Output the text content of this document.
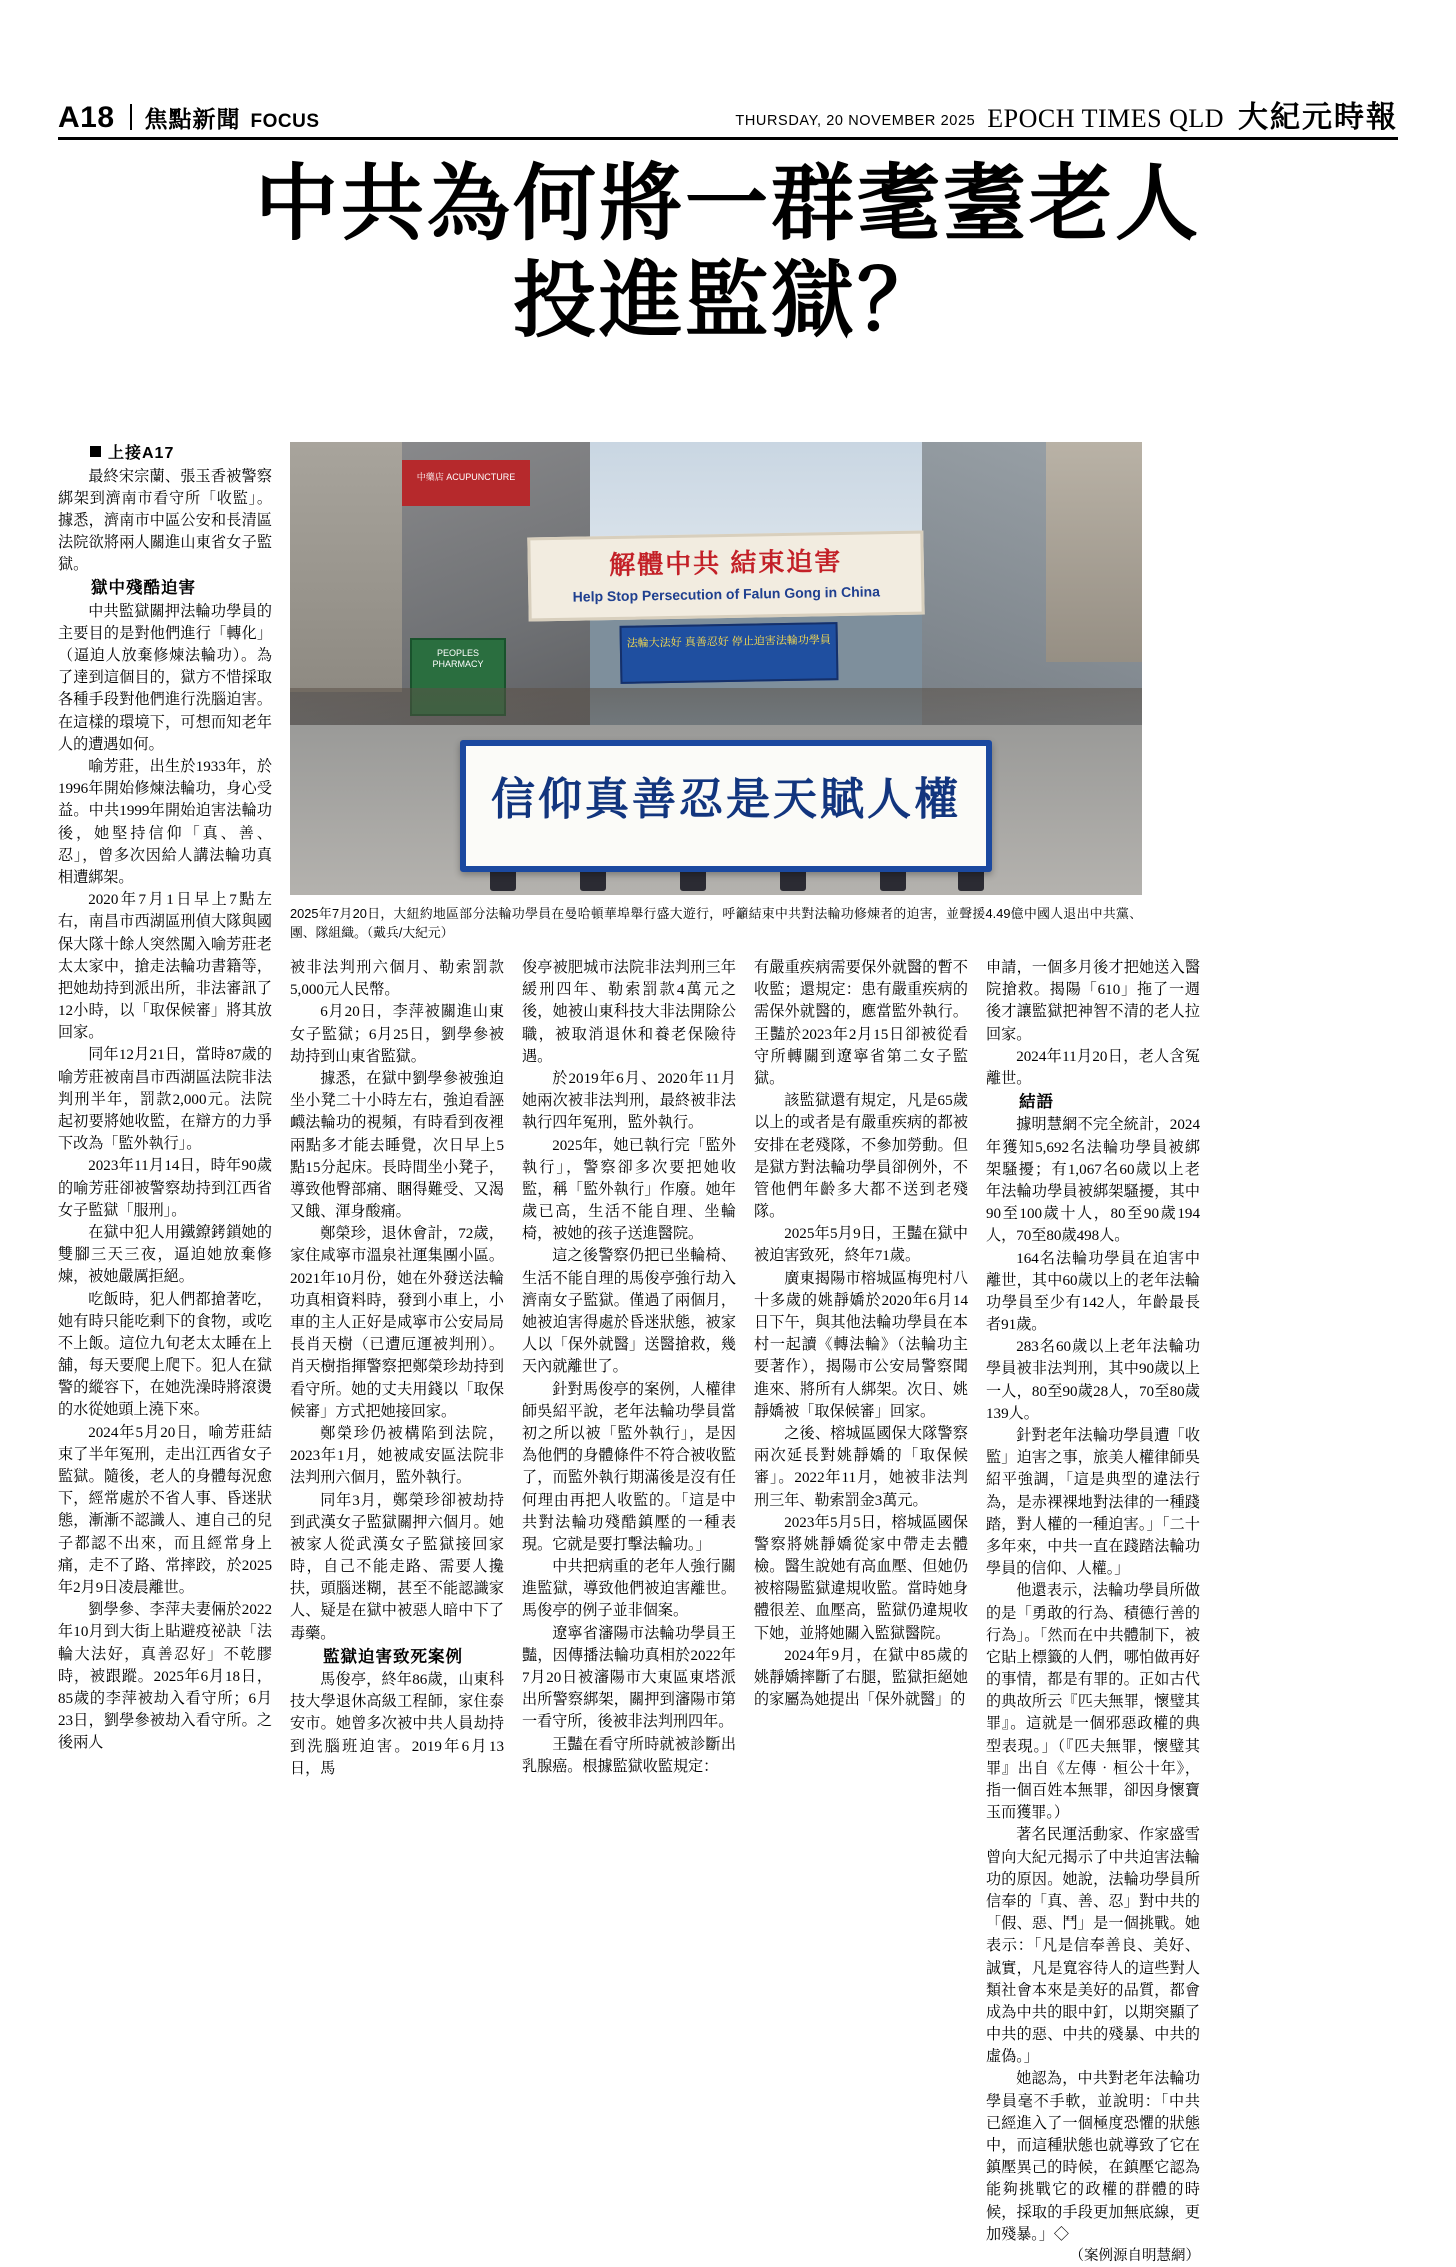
A18 焦點新聞 FOCUS	THURSDAY, 20 NOVEMBER 2025 EPOCH TIMES QLD 大紀元時報
中共為何將一群耄耋老人
投進監獄？
中藥店 ACUPUNCTURE
PEOPLES PHARMACY
解體中共 結束迫害
Help Stop Persecution of Falun Gong in China
法輪大法好 真善忍好 停止迫害法輪功學員
信仰真善忍是天賦人權
2025年7月20日，大紐約地區部分法輪功學員在曼哈頓華埠舉行盛大遊行，呼籲結束中共對法輪功修煉者的迫害，並聲援4.49億中國人退出中共黨、團、隊組織。（戴兵/大紀元）

上接A17

最終宋宗蘭、張玉香被警察綁架到濟南市看守所「收監」。據悉，濟南市中區公安和長清區法院欲將兩人關進山東省女子監獄。

獄中殘酷迫害

中共監獄關押法輪功學員的主要目的是對他們進行「轉化」（逼迫人放棄修煉法輪功）。為了達到這個目的，獄方不惜採取各種手段對他們進行洗腦迫害。在這樣的環境下，可想而知老年人的遭遇如何。

喻芳莊，出生於1933年，於1996年開始修煉法輪功，身心受益。中共1999年開始迫害法輪功後，她堅持信仰「真、善、忍」，曾多次因給人講法輪功真相遭綁架。

2020年7月1日早上7點左右，南昌市西湖區刑偵大隊與國保大隊十餘人突然闖入喻芳莊老太太家中，搶走法輪功書籍等，把她劫持到派出所，非法審訊了12小時，以「取保候審」將其放回家。

同年12月21日，當時87歲的喻芳莊被南昌市西湖區法院非法判刑半年，罰款2,000元。法院起初要將她收監，在辯方的力爭下改為「監外執行」。

2023年11月14日，時年90歲的喻芳莊卻被警察劫持到江西省女子監獄「服刑」。

在獄中犯人用鐵鐐銬鎖她的雙腳三天三夜，逼迫她放棄修煉，被她嚴厲拒絕。

吃飯時，犯人們都搶著吃，她有時只能吃剩下的食物，或吃不上飯。這位九旬老太太睡在上舖，每天要爬上爬下。犯人在獄警的縱容下，在她洗澡時將滾燙的水從她頭上澆下來。

2024年5月20日，喻芳莊結束了半年冤刑，走出江西省女子監獄。隨後，老人的身體每況愈下，經常處於不省人事、昏迷狀態，漸漸不認識人、連自己的兒子都認不出來，而且經常身上痛，走不了路、常摔跤，於2025年2月9日凌晨離世。

劉學參、李萍夫妻倆於2022年10月到大街上貼避疫祕訣「法輪大法好，真善忍好」不乾膠時，被跟蹤。2025年6月18日，85歲的李萍被劫入看守所；6月23日，劉學參被劫入看守所。之後兩人

被非法判刑六個月、勒索罰款5,000元人民幣。

6月20日，李萍被關進山東女子監獄；6月25日，劉學參被劫持到山東省監獄。

據悉，在獄中劉學參被強迫坐小凳二十小時左右，強迫看誣衊法輪功的視頻，有時看到夜裡兩點多才能去睡覺，次日早上5點15分起床。長時間坐小凳子，導致他臀部痛、睏得難受、又渴又餓、渾身酸痛。

鄭榮珍，退休會計，72歲，家住咸寧市溫泉社運集團小區。2021年10月份，她在外發送法輪功真相資料時，發到小車上，小車的主人正好是咸寧市公安局局長肖天樹（已遭厄運被判刑）。肖天樹指揮警察把鄭榮珍劫持到看守所。她的丈夫用錢以「取保候審」方式把她接回家。

鄭榮珍仍被構陷到法院，2023年1月，她被咸安區法院非法判刑六個月，監外執行。

同年3月，鄭榮珍卻被劫持到武漢女子監獄關押六個月。她被家人從武漢女子監獄接回家時，自己不能走路、需要人攙扶，頭腦迷糊，甚至不能認識家人、疑是在獄中被惡人暗中下了毒藥。

監獄迫害致死案例

馬俊亭，終年86歲，山東科技大學退休高級工程師，家住泰安市。她曾多次被中共人員劫持到洗腦班迫害。2019年6月13日，馬

俊亭被肥城市法院非法判刑三年緩刑四年、勒索罰款4萬元之後，她被山東科技大非法開除公職，被取消退休和養老保險待遇。

於2019年6月、2020年11月她兩次被非法判刑，最終被非法執行四年冤刑，監外執行。

2025年，她已執行完「監外執行」，警察卻多次要把她收監，稱「監外執行」作廢。她年歲已高，生活不能自理、坐輪椅，被她的孩子送進醫院。

這之後警察仍把已坐輪椅、生活不能自理的馬俊亭強行劫入濟南女子監獄。僅過了兩個月，她被迫害得處於昏迷狀態，被家人以「保外就醫」送醫搶救，幾天內就離世了。

針對馬俊亭的案例，人權律師吳紹平說，老年法輪功學員當初之所以被「監外執行」，是因為他們的身體條件不符合被收監了，而監外執行期滿後是沒有任何理由再把人收監的。「這是中共對法輪功殘酷鎮壓的一種表現。它就是要打擊法輪功。」

中共把病重的老年人強行關進監獄，導致他們被迫害離世。馬俊亭的例子並非個案。

遼寧省瀋陽市法輪功學員王豔，因傳播法輪功真相於2022年7月20日被瀋陽市大東區東塔派出所警察綁架，關押到瀋陽市第一看守所，後被非法判刑四年。

王豔在看守所時就被診斷出乳腺癌。根據監獄收監規定：

有嚴重疾病需要保外就醫的暫不收監；還規定：患有嚴重疾病的需保外就醫的，應當監外執行。王豔於2023年2月15日卻被從看守所轉關到遼寧省第二女子監獄。

該監獄還有規定，凡是65歲以上的或者是有嚴重疾病的都被安排在老殘隊，不參加勞動。但是獄方對法輪功學員卻例外，不管他們年齡多大都不送到老殘隊。

2025年5月9日，王豔在獄中被迫害致死，終年71歲。

廣東揭陽市榕城區梅兜村八十多歲的姚靜嬌於2020年6月14日下午，與其他法輪功學員在本村一起讀《轉法輪》（法輪功主要著作），揭陽市公安局警察聞進來、將所有人綁架。次日、姚靜嬌被「取保候審」回家。

之後、榕城區國保大隊警察兩次延長對姚靜嬌的「取保候審」。2022年11月，她被非法判刑三年、勒索罰金3萬元。

2023年5月5日，榕城區國保警察將姚靜嬌從家中帶走去體檢。醫生說她有高血壓、但她仍被榕陽監獄違規收監。當時她身體很差、血壓高，監獄仍違規收下她，並將她關入監獄醫院。

2024年9月，在獄中85歲的姚靜嬌摔斷了右腿，監獄拒絕她的家屬為她提出「保外就醫」的

申請，一個多月後才把她送入醫院搶救。揭陽「610」拖了一週後才讓監獄把神智不清的老人拉回家。

2024年11月20日，老人含冤離世。

結語

據明慧網不完全統計，2024年獲知5,692名法輪功學員被綁架騷擾；有1,067名60歲以上老年法輪功學員被綁架騷擾，其中90至100歲十人，80至90歲194人，70至80歲498人。

164名法輪功學員在迫害中離世，其中60歲以上的老年法輪功學員至少有142人，年齡最長者91歲。

283名60歲以上老年法輪功學員被非法判刑，其中90歲以上一人，80至90歲28人，70至80歲139人。

針對老年法輪功學員遭「收監」迫害之事，旅美人權律師吳紹平強調，「這是典型的違法行為，是赤裸裸地對法律的一種踐踏，對人權的一種迫害。」「二十多年來，中共一直在踐踏法輪功學員的信仰、人權。」

他還表示，法輪功學員所做的是「勇敢的行為、積德行善的行為」。「然而在中共體制下，被它貼上標籤的人們，哪怕做再好的事情，都是有罪的。正如古代的典故所云『匹夫無罪，懷璧其罪』。這就是一個邪惡政權的典型表現。」（『匹夫無罪，懷璧其罪』出自《左傳‧桓公十年》，指一個百姓本無罪，卻因身懷寶玉而獲罪。）

著名民運活動家、作家盛雪曾向大紀元揭示了中共迫害法輪功的原因。她說，法輪功學員所信奉的「真、善、忍」對中共的「假、惡、鬥」是一個挑戰。她表示：「凡是信奉善良、美好、誠實，凡是寬容待人的這些對人類社會本來是美好的品質，都會成為中共的眼中釘，以期突顯了中共的惡、中共的殘暴、中共的虛偽。」

她認為，中共對老年法輪功學員毫不手軟，並說明：「中共已經進入了一個極度恐懼的狀態中，而這種狀態也就導致了它在鎮壓異己的時候，在鎮壓它認為能夠挑戰它的政權的群體的時候，採取的手段更加無底線，更加殘暴。」◇

（案例源自明慧網）
